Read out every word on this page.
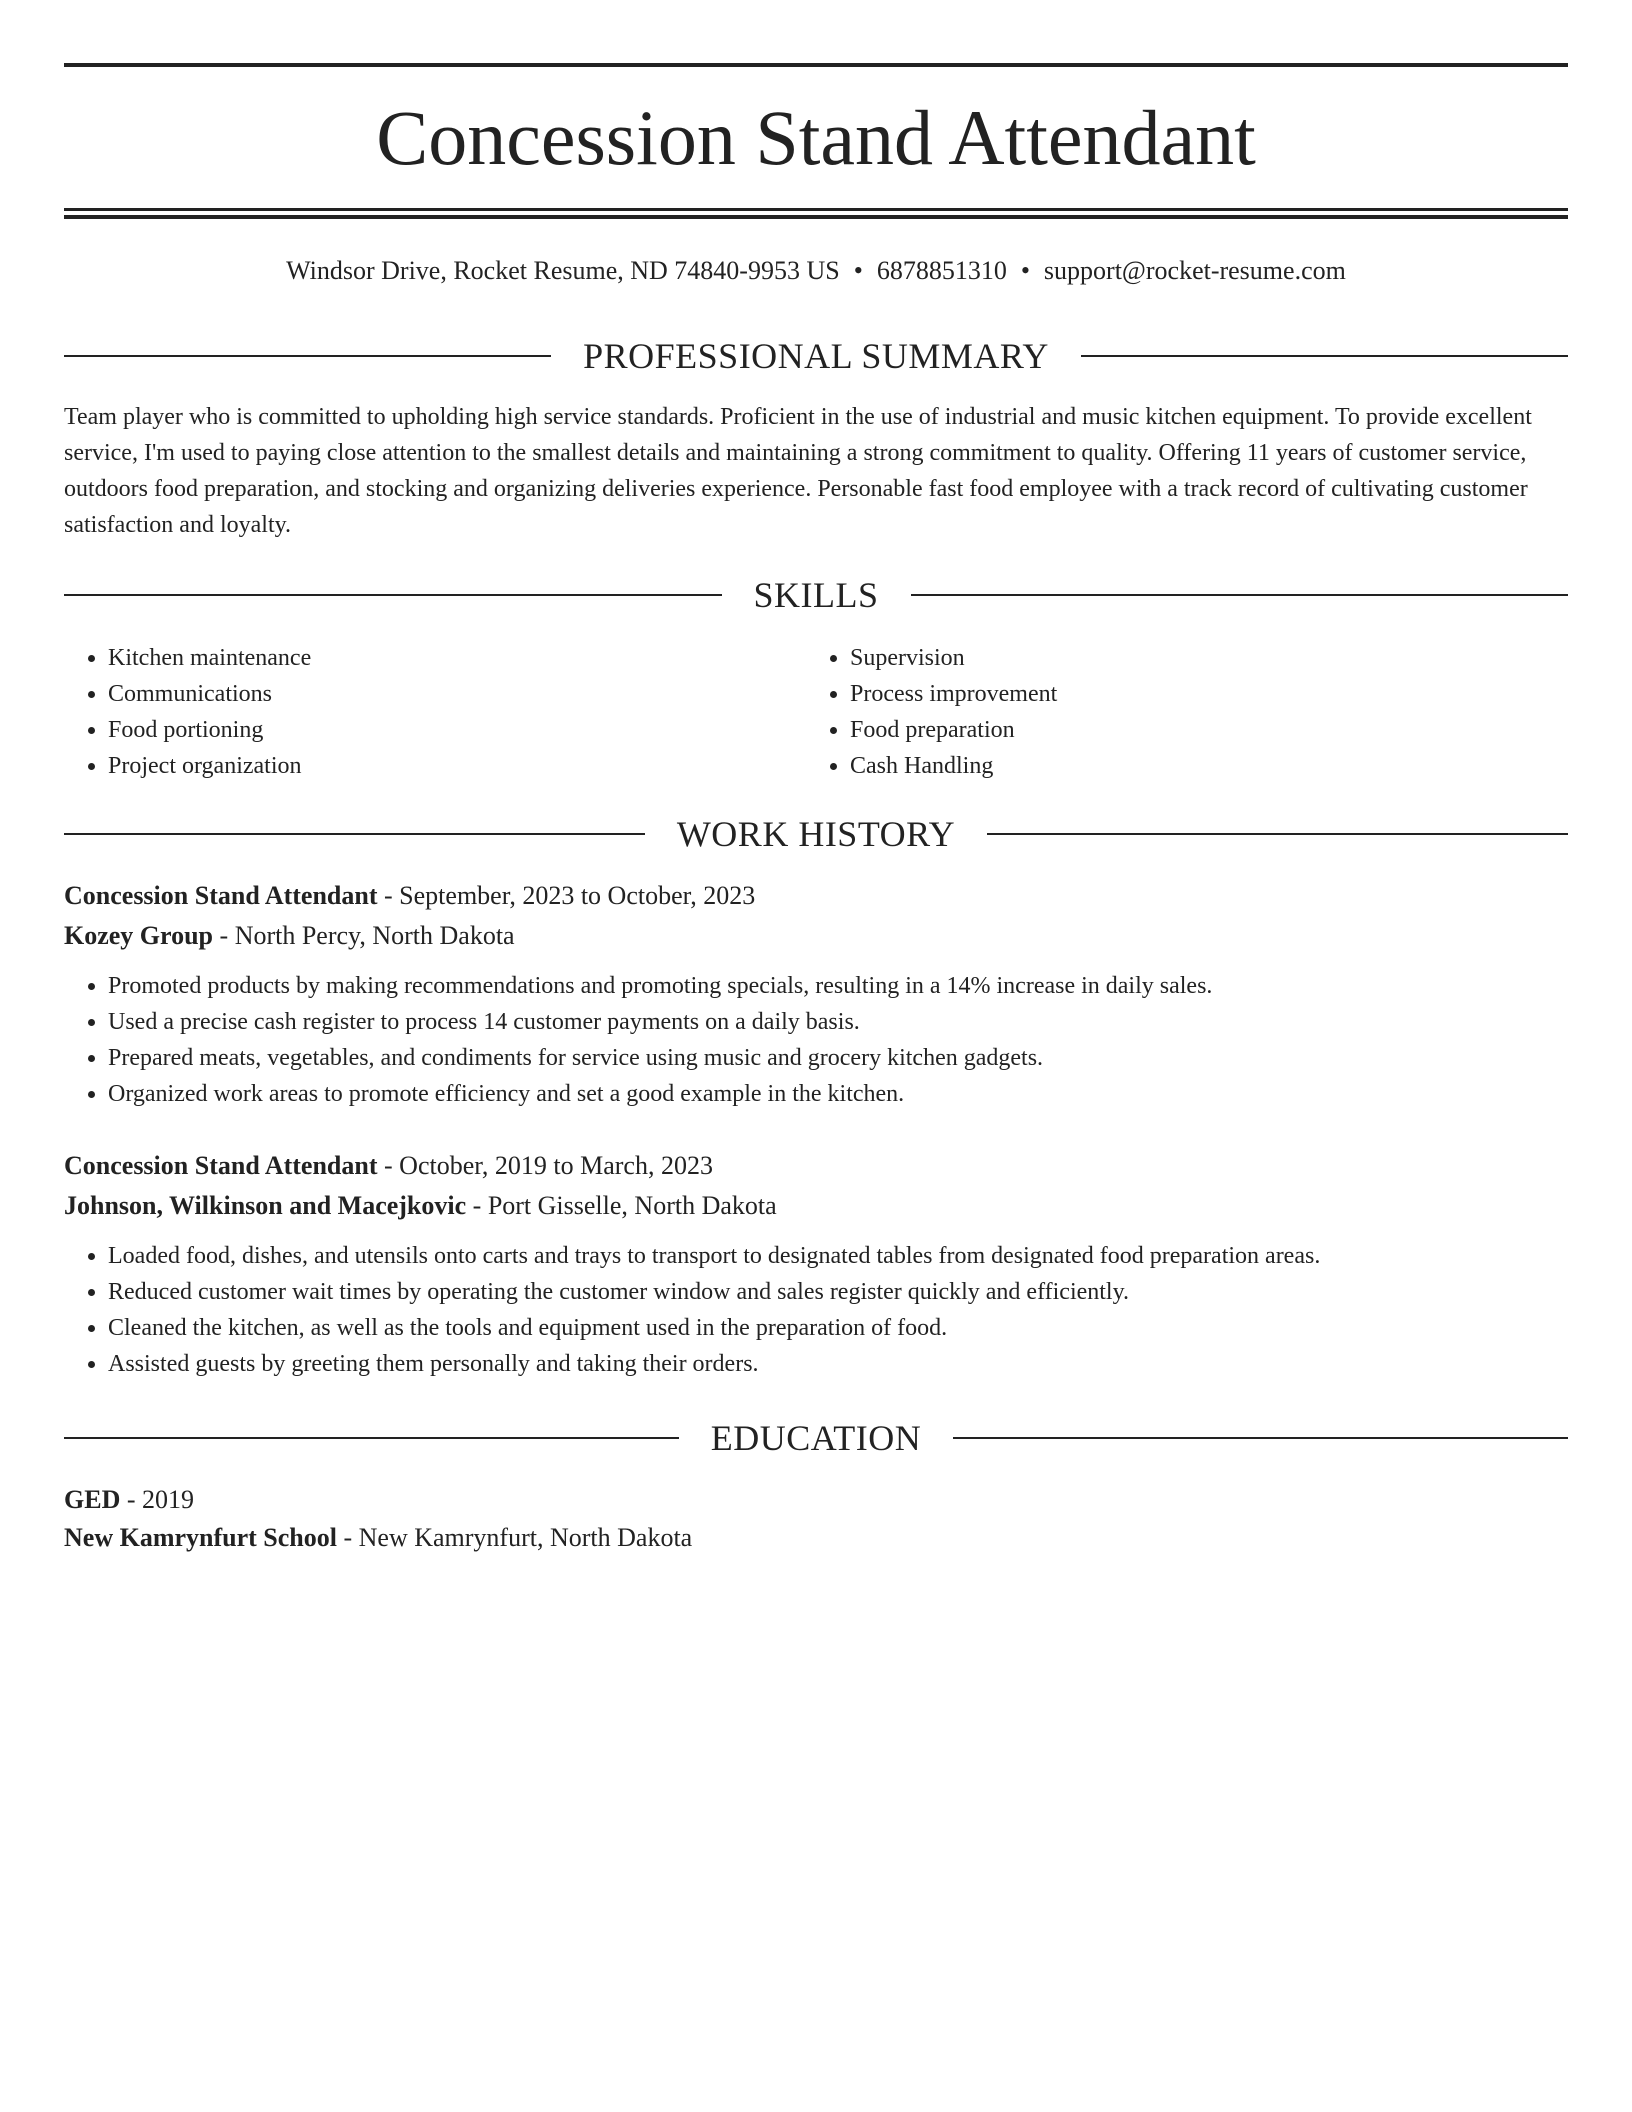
Concession Stand Attendant
Windsor Drive, Rocket Resume, ND 74840-9953 US • 6878851310 • support@rocket-resume.com
PROFESSIONAL SUMMARY

Team player who is committed to upholding high service standards. Proficient in the use of industrial and music kitchen equipment. To provide excellent service, I'm used to paying close attention to the smallest details and maintaining a strong commitment to quality. Offering 11 years of customer service, outdoors food preparation, and stocking and organizing deliveries experience. Personable fast food employee with a track record of cultivating customer satisfaction and loyalty.

SKILLS
• Kitchen maintenance
• Communications
• Food portioning
• Project organization
• Supervision
• Process improvement
• Food preparation
• Cash Handling
WORK HISTORY
Concession Stand Attendant - September, 2023 to October, 2023
Kozey Group - North Percy, North Dakota
• Promoted products by making recommendations and promoting specials, resulting in a 14% increase in daily sales.
• Used a precise cash register to process 14 customer payments on a daily basis.
• Prepared meats, vegetables, and condiments for service using music and grocery kitchen gadgets.
• Organized work areas to promote efficiency and set a good example in the kitchen.
Concession Stand Attendant - October, 2019 to March, 2023
Johnson, Wilkinson and Macejkovic - Port Gisselle, North Dakota
• Loaded food, dishes, and utensils onto carts and trays to transport to designated tables from designated food preparation areas.
• Reduced customer wait times by operating the customer window and sales register quickly and efficiently.
• Cleaned the kitchen, as well as the tools and equipment used in the preparation of food.
• Assisted guests by greeting them personally and taking their orders.
EDUCATION
GED - 2019
New Kamrynfurt School - New Kamrynfurt, North Dakota
